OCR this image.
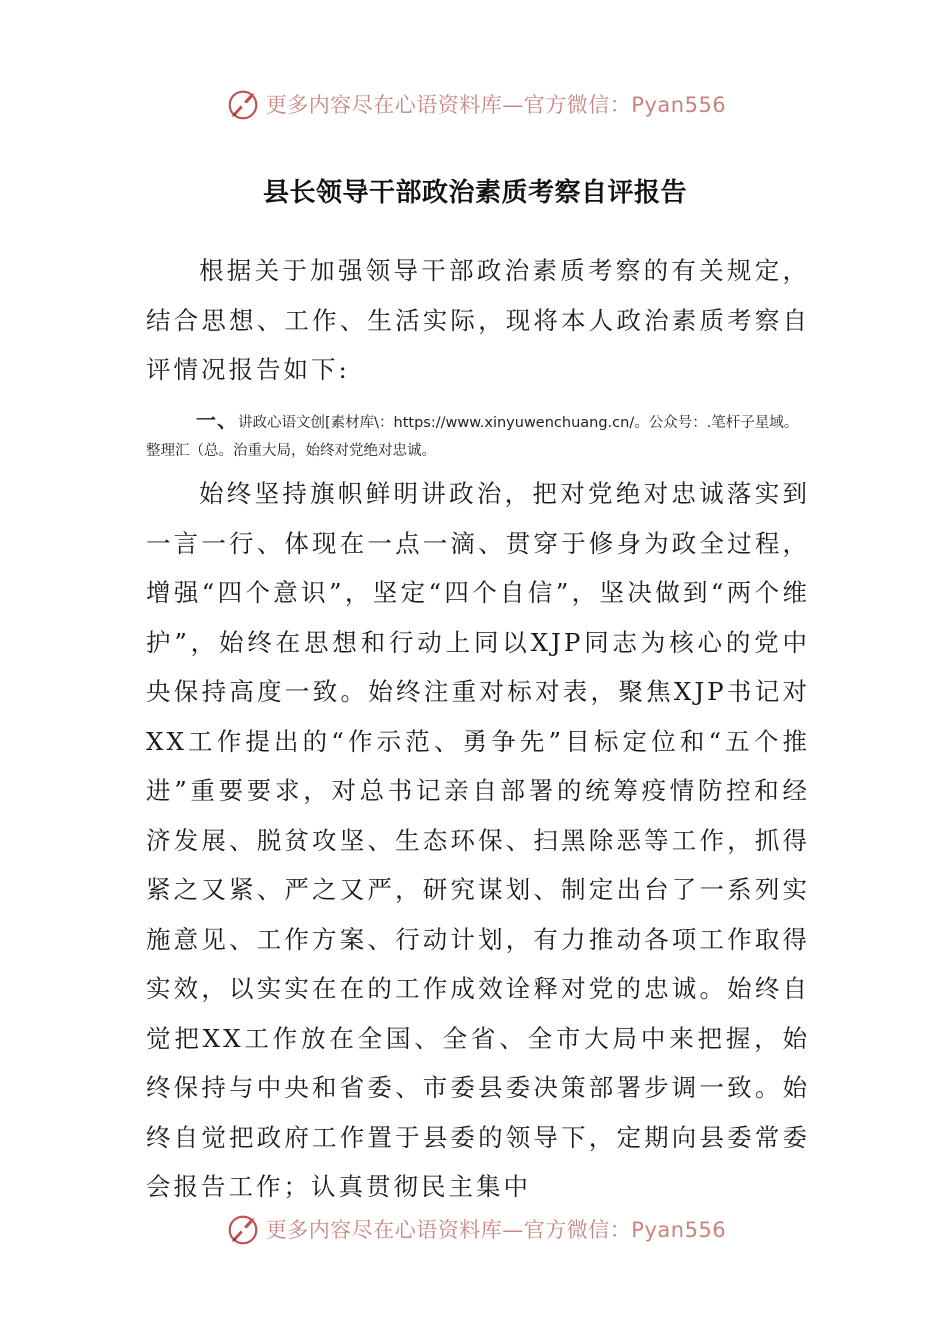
更多内容尽在心语资料库—官方微信：Pyan556
县长领导干部政治素质考察自评报告

根据关于加强领导干部政治素质考察的有关规定，结合思想、工作、生活实际，现将本人政治素质考察自评情况报告如下:

一、讲政心语文创[素材库\：https://www.xinyuwenchuang.cn/。公众号：.笔杆子星域。整理汇（总。治重大局，始终对党绝对忠诚。

始终坚持旗帜鲜明讲政治，把对党绝对忠诚落实到一言一行、体现在一点一滴、贯穿于修身为政全过程，增强“四个意识”，坚定“四个自信”，坚决做到“两个维护”，始终在思想和行动上同以XJP同志为核心的党中央保持高度一致。始终注重对标对表，聚焦XJP书记对XX工作提出的“作示范、勇争先”目标定位和“五个推进”重要要求，对总书记亲自部署的统筹疫情防控和经济发展、脱贫攻坚、生态环保、扫黑除恶等工作，抓得紧之又紧、严之又严，研究谋划、制定出台了一系列实施意见、工作方案、行动计划，有力推动各项工作取得实效，以实实在在的工作成效诠释对党的忠诚。始终自觉把XX工作放在全国、全省、全市大局中来把握，始终保持与中央和省委、市委县委决策部署步调一致。始终自觉把政府工作置于县委的领导下，定期向县委常委会报告工作；认真贯彻民主集中

更多内容尽在心语资料库—官方微信：Pyan556
